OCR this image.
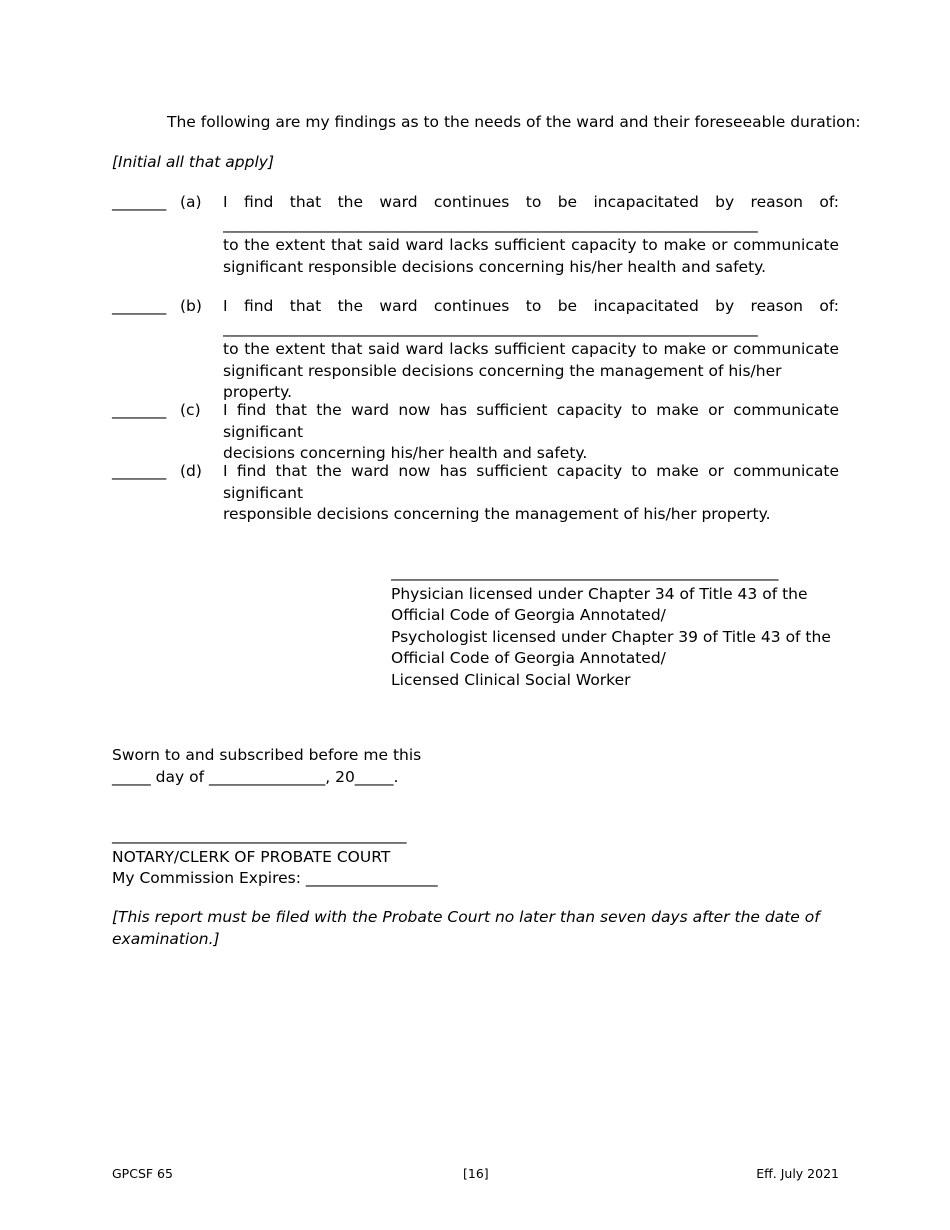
The following are my findings as to the needs of the ward and their foreseeable duration:
[Initial all that apply]
_______ (a) I find that the ward continues to be incapacitated by reason of:
_____________________________________________________________________
to the extent that said ward lacks sufficient capacity to make or communicate
significant responsible decisions concerning his/her health and safety.
_______ (b) I find that the ward continues to be incapacitated by reason of:
_____________________________________________________________________
to the extent that said ward lacks sufficient capacity to make or communicate
significant responsible decisions concerning the management of his/her property.
_______ (c) I find that the ward now has sufficient capacity to make or communicate significant
decisions concerning his/her health and safety.
_______ (d) I find that the ward now has sufficient capacity to make or communicate significant
responsible decisions concerning the management of his/her property.
__________________________________________________
Physician licensed under Chapter 34 of Title 43 of the
Official Code of Georgia Annotated/
Psychologist licensed under Chapter 39 of Title 43 of the
Official Code of Georgia Annotated/
Licensed Clinical Social Worker
Sworn to and subscribed before me this
_____ day of _______________, 20_____.
______________________________________
NOTARY/CLERK OF PROBATE COURT
My Commission Expires: _________________
[This report must be filed with the Probate Court no later than seven days after the date of examination.]
GPCSF 65	[16]	Eff. July 2021
